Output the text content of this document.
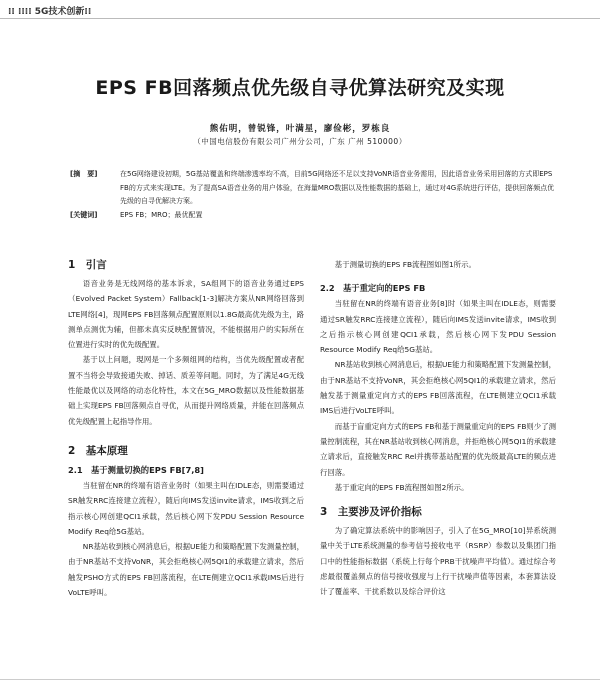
⁞⁞ ⁞⁞⁞⁞ 5G技术创新⁞⁞
EPS FB回落频点优先级自寻优算法研究及实现
熊佑明，曾锐锋，叶满星，廖俭彬，罗栋良
（中国电信股份有限公司广州分公司，广东 广州 510000）
[摘　要]	在5G网络建设初期，5G基站覆盖和终端渗透率均不高，目前5G网络还不足以支持VoNR语音业务需用，因此语音业务采用回落的方式即EPS FB的方式来实现LTE。为了提高SA语音业务的用户体验，在海量MRO数据以及性能数据的基础上，通过对4G系统进行评估，提供回落频点优先级的自寻优解决方案。
[关键词]	EPS FB；MRO；最优配置
1　引言

语音业务是无线网络的基本诉求，SA组网下的语音业务通过EPS（Evolved Packet System）Fallback[1-3]解决方案从NR网络回落到LTE网络[4]，现网EPS FB回落频点配置原则以1.8G最高优先级为主，路测单点测优为辅，但都未真实反映配置情况，不能根据用户的实际所在位置进行实时的优先级配置。

基于以上问题，現网是一个多频组网的结构，当优先级配置或者配置不当将会导致接通失败、掉话、质差等问题。同时，为了满足4G无线性能最优以及网络的动态化特性，本文在5G_MRO数据以及性能数据基础上实现EPS FB回落频点自寻优，从而提升网络质量，并能在回落频点优先级配置上起指导作用。

2　基本原理
2.1　基于测量切换的EPS FB[7,8]

当驻留在NR的终端有语音业务时（如果主叫在IDLE态，则需要通过SR触发RRC连接建立流程），随后向IMS发送invite请求，IMS收到之后指示核心网创建QCI1承载，然后核心网下发PDU Session Resource Modify Req给5G基站。

NR基站收到核心网消息后，根据UE能力和策略配置下发测量控制，由于NR基站不支持VoNR，其会拒绝核心网5QI1的承载建立请求，然后触发PSHO方式的EPS FB回落流程，在LTE侧建立QCI1承载IMS后进行VoLTE呼叫。

基于测量切换的EPS FB流程图如图1所示。

2.2　基于重定向的EPS FB

当驻留在NR的终端有语音业务[8]时（如果主叫在IDLE态，则需要通过SR触发RRC连接建立流程），随后向IMS发送invite请求，IMS收到之后指示核心网创建QCI1承载，然后核心网下发PDU Session Resource Modify Req给5G基站。

NR基站收到核心网消息后，根据UE能力和策略配置下发测量控制，由于NR基站不支持VoNR，其会拒绝核心网5QI1的承载建立请求，然后触发基于测量重定向方式的EPS FB回落流程，在LTE侧建立QCI1承载IMS后进行VoLTE呼叫。

而基于盲重定向方式的EPS FB和基于测量重定向的EPS FB则少了测量控制流程，其在NR基站收到核心网消息，并拒绝核心网5QI1的承载建立请求后，直接触发RRC Rel并携带基站配置的优先级最高LTE的频点进行回落。

基于重定向的EPS FB流程图如图2所示。

3　主要涉及评价指标

为了确定算法系统中的影响因子，引入了在5G_MRO[10]异系统测量中关于LTE系统测量的参考信号接收电平（RSRP）参数以及集团门指口中的性能指标数据（系统上行每个PRB干扰噪声平均值）。通过综合考虑最很覆盖频点的信号接收强度与上行干扰噪声值等因素，本套算法设计了覆盖率、干扰系数以及综合评价这
